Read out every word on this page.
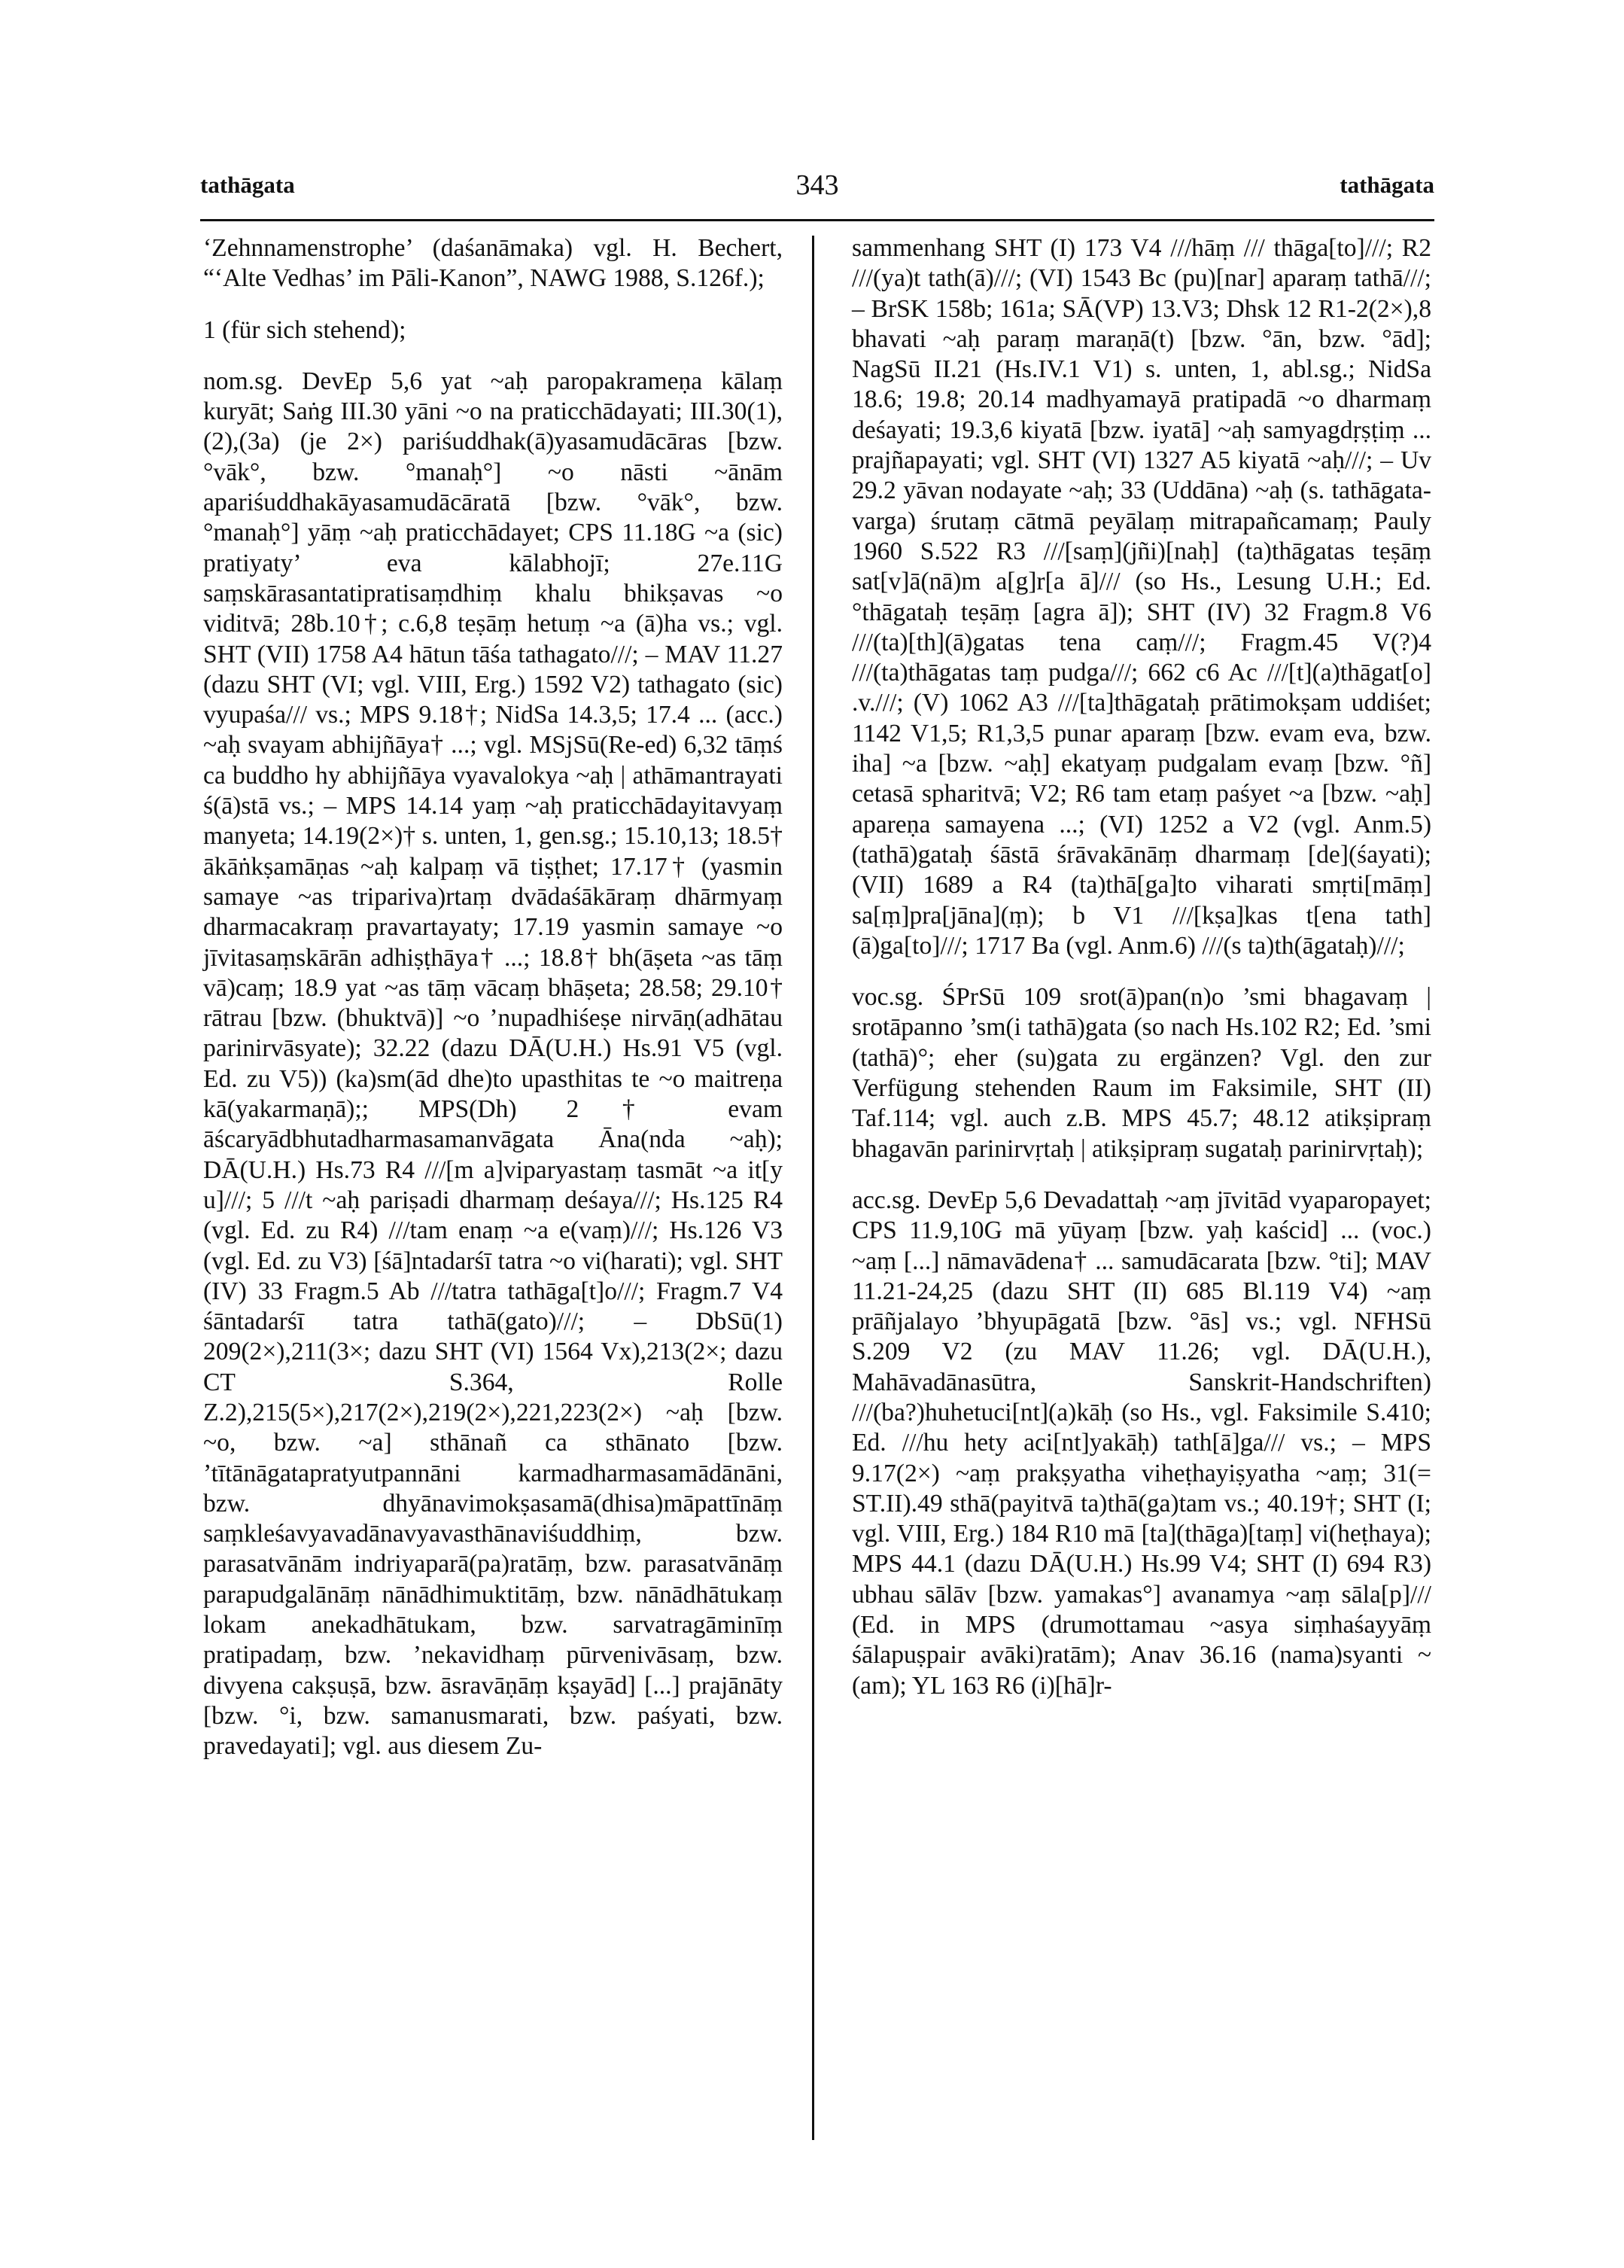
tathāgata	343	tathāgata

‘Zehnnamenstrophe’ (daśanāmaka) vgl. H. Bechert, “‘Alte Vedhas’ im Pāli-Kanon”, NAWG 1988, S.126f.);

1 (für sich stehend);

nom.sg. DevEp 5,6 yat ~aḥ paropakrameṇa kālaṃ kuryāt; Saṅg III.30 yāni ~o na praticchādayati; III.30(1),(2),(3a) (je 2×) pariśuddhak(ā)yasamudācāras [bzw. °vāk°, bzw. °manaḥ°] ~o nāsti ~ānām apariśuddhakāyasamudācāratā [bzw. °vāk°, bzw. °manaḥ°] yāṃ ~aḥ praticchādayet; CPS 11.18G ~a (sic) pratiyaty’ eva kālabhojī; 27e.11G saṃskārasantatipratisaṃdhiṃ khalu bhikṣavas ~o viditvā; 28b.10†; c.6,8 teṣāṃ hetuṃ ~a (ā)ha vs.; vgl. SHT (VII) 1758 A4 hātun tāśa tathagato///; – MAV 11.27 (dazu SHT (VI; vgl. VIII, Erg.) 1592 V2) tathagato (sic) vyupaśa/// vs.; MPS 9.18†; NidSa 14.3,5; 17.4 ... (acc.) ~aḥ svayam abhijñāya† ...; vgl. MSjSū(Re-ed) 6,32 tāṃś ca buddho hy abhijñāya vyavalokya ~aḥ | athāmantrayati ś(ā)stā vs.; – MPS 14.14 yaṃ ~aḥ praticchādayitavyaṃ manyeta; 14.19(2×)† s. unten, 1, gen.sg.; 15.10,13; 18.5† ākāṅkṣamāṇas ~aḥ kalpaṃ vā tiṣṭhet; 17.17† (yasmin samaye ~as triparivа)rtaṃ dvādaśākāraṃ dhārmyaṃ dharmacakraṃ pravartayaty; 17.19 yasmin samaye ~o jīvitasaṃskārān adhiṣṭhāya† ...; 18.8† bh(āṣeta ~as tāṃ vā)caṃ; 18.9 yat ~as tāṃ vācaṃ bhāṣeta; 28.58; 29.10† rātrau [bzw. (bhuktvā)] ~o ’nupadhiśeṣe nirvāṇ(adhātau parinirvāsyate); 32.22 (dazu DĀ(U.H.) Hs.91 V5 (vgl. Ed. zu V5)) (ka)sm(ād dhe)to upasthitas te ~o maitreṇa kā(yakarmaṇā);; MPS(Dh) 2† evam āścaryādbhutadharmasamanvāgata Āna(nda ~aḥ); DĀ(U.H.) Hs.73 R4 ///[m a]viparyastaṃ tasmāt ~a it[y u]///; 5 ///t ~aḥ pariṣadi dharmaṃ deśaya///; Hs.125 R4 (vgl. Ed. zu R4) ///tam enaṃ ~a e(vaṃ)///; Hs.126 V3 (vgl. Ed. zu V3) [śā]ntadarśī tatra ~o vi(harati); vgl. SHT (IV) 33 Fragm.5 Ab ///tatra tathāga[t]o///; Fragm.7 V4 śāntadarśī tatra tathā(gato)///; – DbSū(1) 209(2×),211(3×; dazu SHT (VI) 1564 Vx),213(2×; dazu CT S.364, Rolle Z.2),215(5×),217(2×),219(2×),221,223(2×) ~aḥ [bzw. ~o, bzw. ~a] sthānañ ca sthānato [bzw. ’tītānāgatapratyutpannāni karmadharmasamādānāni, bzw. dhyānavimokṣasamā(dhisa)māpattīnāṃ saṃkleśavyavadānavyavasthānaviśuddhiṃ, bzw. parasatvānām indriyaparā(pa)ratāṃ, bzw. parasatvānāṃ parapudgalānāṃ nānādhimuktitāṃ, bzw. nānādhātukaṃ lokam anekadhātukam, bzw. sarvatragāminīṃ pratipadaṃ, bzw. ’nekavidhaṃ pūrvenivāsaṃ, bzw. divyena cakṣuṣā, bzw. āsravāṇāṃ kṣayād] [...] prajānāty [bzw. °i, bzw. samanusmarati, bzw. paśyati, bzw. pravedayati]; vgl. aus diesem Zu-

sammenhang SHT (I) 173 V4 ///hāṃ /// thāga[to]///; R2 ///(ya)t tath(ā)///; (VI) 1543 Bc (pu)[nar] aparaṃ tathā///; – BrSK 158b; 161a; SĀ(VP) 13.V3; Dhsk 12 R1-2(2×),8 bhavati ~aḥ paraṃ maraṇā(t) [bzw. °ān, bzw. °ād]; NagSū II.21 (Hs.IV.1 V1) s. unten, 1, abl.sg.; NidSa 18.6; 19.8; 20.14 madhyamayā pratipadā ~o dharmaṃ deśayati; 19.3,6 kiyatā [bzw. iyatā] ~aḥ samyagdṛṣṭiṃ ... prajñapayati; vgl. SHT (VI) 1327 A5 kiyatā ~aḥ///; – Uv 29.2 yāvan nodayate ~aḥ; 33 (Uddāna) ~aḥ (s. tathāgata-varga) śrutaṃ cātmā peyālaṃ mitrapañcamaṃ; Pauly 1960 S.522 R3 ///[saṃ](jñi)[naḥ] (ta)thāgatas teṣāṃ sat[v]ā(nā)m a[g]r[a ā]/// (so Hs., Lesung U.H.; Ed. °thāgataḥ teṣāṃ [agra ā]); SHT (IV) 32 Fragm.8 V6 ///(ta)[th](ā)gatas tena caṃ///; Fragm.45 V(?)4 ///(ta)thāgatas taṃ pudga///; 662 c6 Ac ///[t](a)thāgat[o] .v.///; (V) 1062 A3 ///[ta]thāgataḥ prātimokṣam uddiśet; 1142 V1,5; R1,3,5 punar aparaṃ [bzw. evam eva, bzw. iha] ~a [bzw. ~aḥ] ekatyaṃ pudgalam evaṃ [bzw. °ñ] cetasā spharitvā; V2; R6 tam etaṃ paśyet ~a [bzw. ~aḥ] apareṇa samayena ...; (VI) 1252 a V2 (vgl. Anm.5) (tathā)gataḥ śāstā śrāvakānāṃ dharmaṃ [de](śayati); (VII) 1689 a R4 (ta)thā[ga]to viharati smṛti[māṃ] sa[ṃ]pra[jāna](ṃ); b V1 ///[kṣa]kas t[ena tath](ā)ga[to]///; 1717 Ba (vgl. Anm.6) ///(s ta)th(āgataḥ)///;

voc.sg. ŚPrSū 109 srot(ā)pan(n)o ’smi bhagavaṃ | srotāpanno ’sm(i tathā)gata (so nach Hs.102 R2; Ed. ’smi (tathā)°; eher (su)gata zu ergänzen? Vgl. den zur Verfügung stehenden Raum im Faksimile, SHT (II) Taf.114; vgl. auch z.B. MPS 45.7; 48.12 atikṣipraṃ bhagavān parinirvṛtaḥ | atikṣipraṃ sugataḥ parinirvṛtaḥ);

acc.sg. DevEp 5,6 Devadattaḥ ~aṃ jīvitād vyaparopayet; CPS 11.9,10G mā yūyaṃ [bzw. yaḥ kaścid] ... (voc.) ~aṃ [...] nāmavādena† ... samudācarata [bzw. °ti]; MAV 11.21-24,25 (dazu SHT (II) 685 Bl.119 V4) ~aṃ prāñjalayo ’bhyupāgatā [bzw. °ās] vs.; vgl. NFHSū S.209 V2 (zu MAV 11.26; vgl. DĀ(U.H.), Mahāvadānasūtra, Sanskrit-Handschriften) ///(ba?)huhetuci[nt](a)kāḥ (so Hs., vgl. Faksimile S.410; Ed. ///hu hety aci[nt]yakāḥ) tath[ā]ga/// vs.; – MPS 9.17(2×) ~aṃ prakṣyatha viheṭhayiṣyatha ~aṃ; 31(= ST.II).49 sthā(payitvā ta)thā(ga)tam vs.; 40.19†; SHT (I; vgl. VIII, Erg.) 184 R10 mā [ta](thāga)[taṃ] vi(heṭhaya); MPS 44.1 (dazu DĀ(U.H.) Hs.99 V4; SHT (I) 694 R3) ubhau sālāv [bzw. yamakas°] avanamya ~aṃ sāla[p]/// (Ed. in MPS (drumottamau ~asya siṃhaśayyāṃ śālapuṣpair avāki)ratām); Anav 36.16 (nama)syanti ~(am); YL 163 R6 (i)[hā]r-
